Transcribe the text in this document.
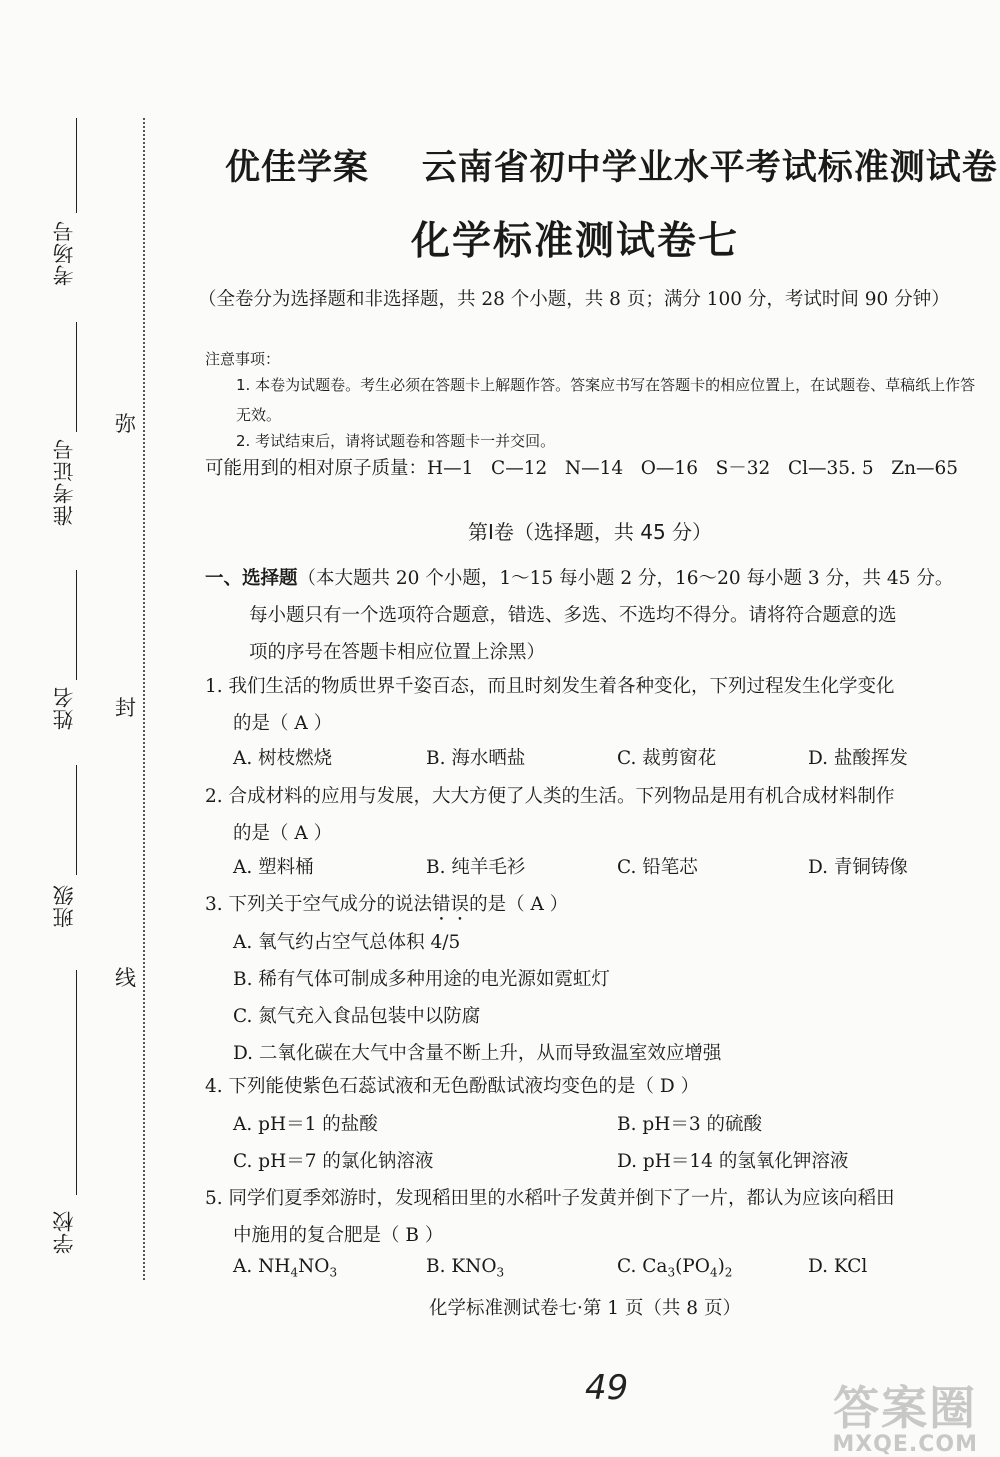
考场号
准考证号
姓名
班级
学校
弥
封
线
优佳学案    云南省初中学业水平考试标准测试卷
化学标准测试卷七
（全卷分为选择题和非选择题，共 28 个小题，共 8 页；满分 100 分，考试时间 90 分钟）
注意事项：
1. 本卷为试题卷。考生必须在答题卡上解题作答。答案应书写在答题卡的相应位置上，在试题卷、草稿纸上作答无效。
2. 考试结束后，请将试题卷和答题卡一并交回。
可能用到的相对原子质量：H—1   C—12   N—14   O—16   S－32   Cl—35. 5   Zn—65
第Ⅰ卷（选择题，共 45 分）
一、选择题（本大题共 20 个小题，1～15 每小题 2 分，16～20 每小题 3 分，共 45 分。
每小题只有一个选项符合题意，错选、多选、不选均不得分。请将符合题意的选
项的序号在答题卡相应位置上涂黑）
1. 我们生活的物质世界千姿百态，而且时刻发生着各种变化，下列过程发生化学变化
的是（ A ）
A. 树枝燃烧	B. 海水晒盐	C. 裁剪窗花	D. 盐酸挥发
2. 合成材料的应用与发展，大大方便了人类的生活。下列物品是用有机合成材料制作
的是（ A ）
A. 塑料桶	B. 纯羊毛衫	C. 铅笔芯	D. 青铜铸像
3. 下列关于空气成分的说法错误的是（ A ）
A. 氧气约占空气总体积 4/5
B. 稀有气体可制成多种用途的电光源如霓虹灯
C. 氮气充入食品包装中以防腐
D. 二氧化碳在大气中含量不断上升，从而导致温室效应增强
4. 下列能使紫色石蕊试液和无色酚酞试液均变色的是（ D ）
A. pH＝1 的盐酸	B. pH＝3 的硫酸
C. pH＝7 的氯化钠溶液	D. pH＝14 的氢氧化钾溶液
5. 同学们夏季郊游时，发现稻田里的水稻叶子发黄并倒下了一片，都认为应该向稻田
中施用的复合肥是（ B ）
A. $NH_4NO_3$	B. $KNO_3$	C. $Ca_3(PO_4)_2$	D. KCl
化学标准测试卷七·第 1 页（共 8 页）
49	答案圈
MXQE.COM
